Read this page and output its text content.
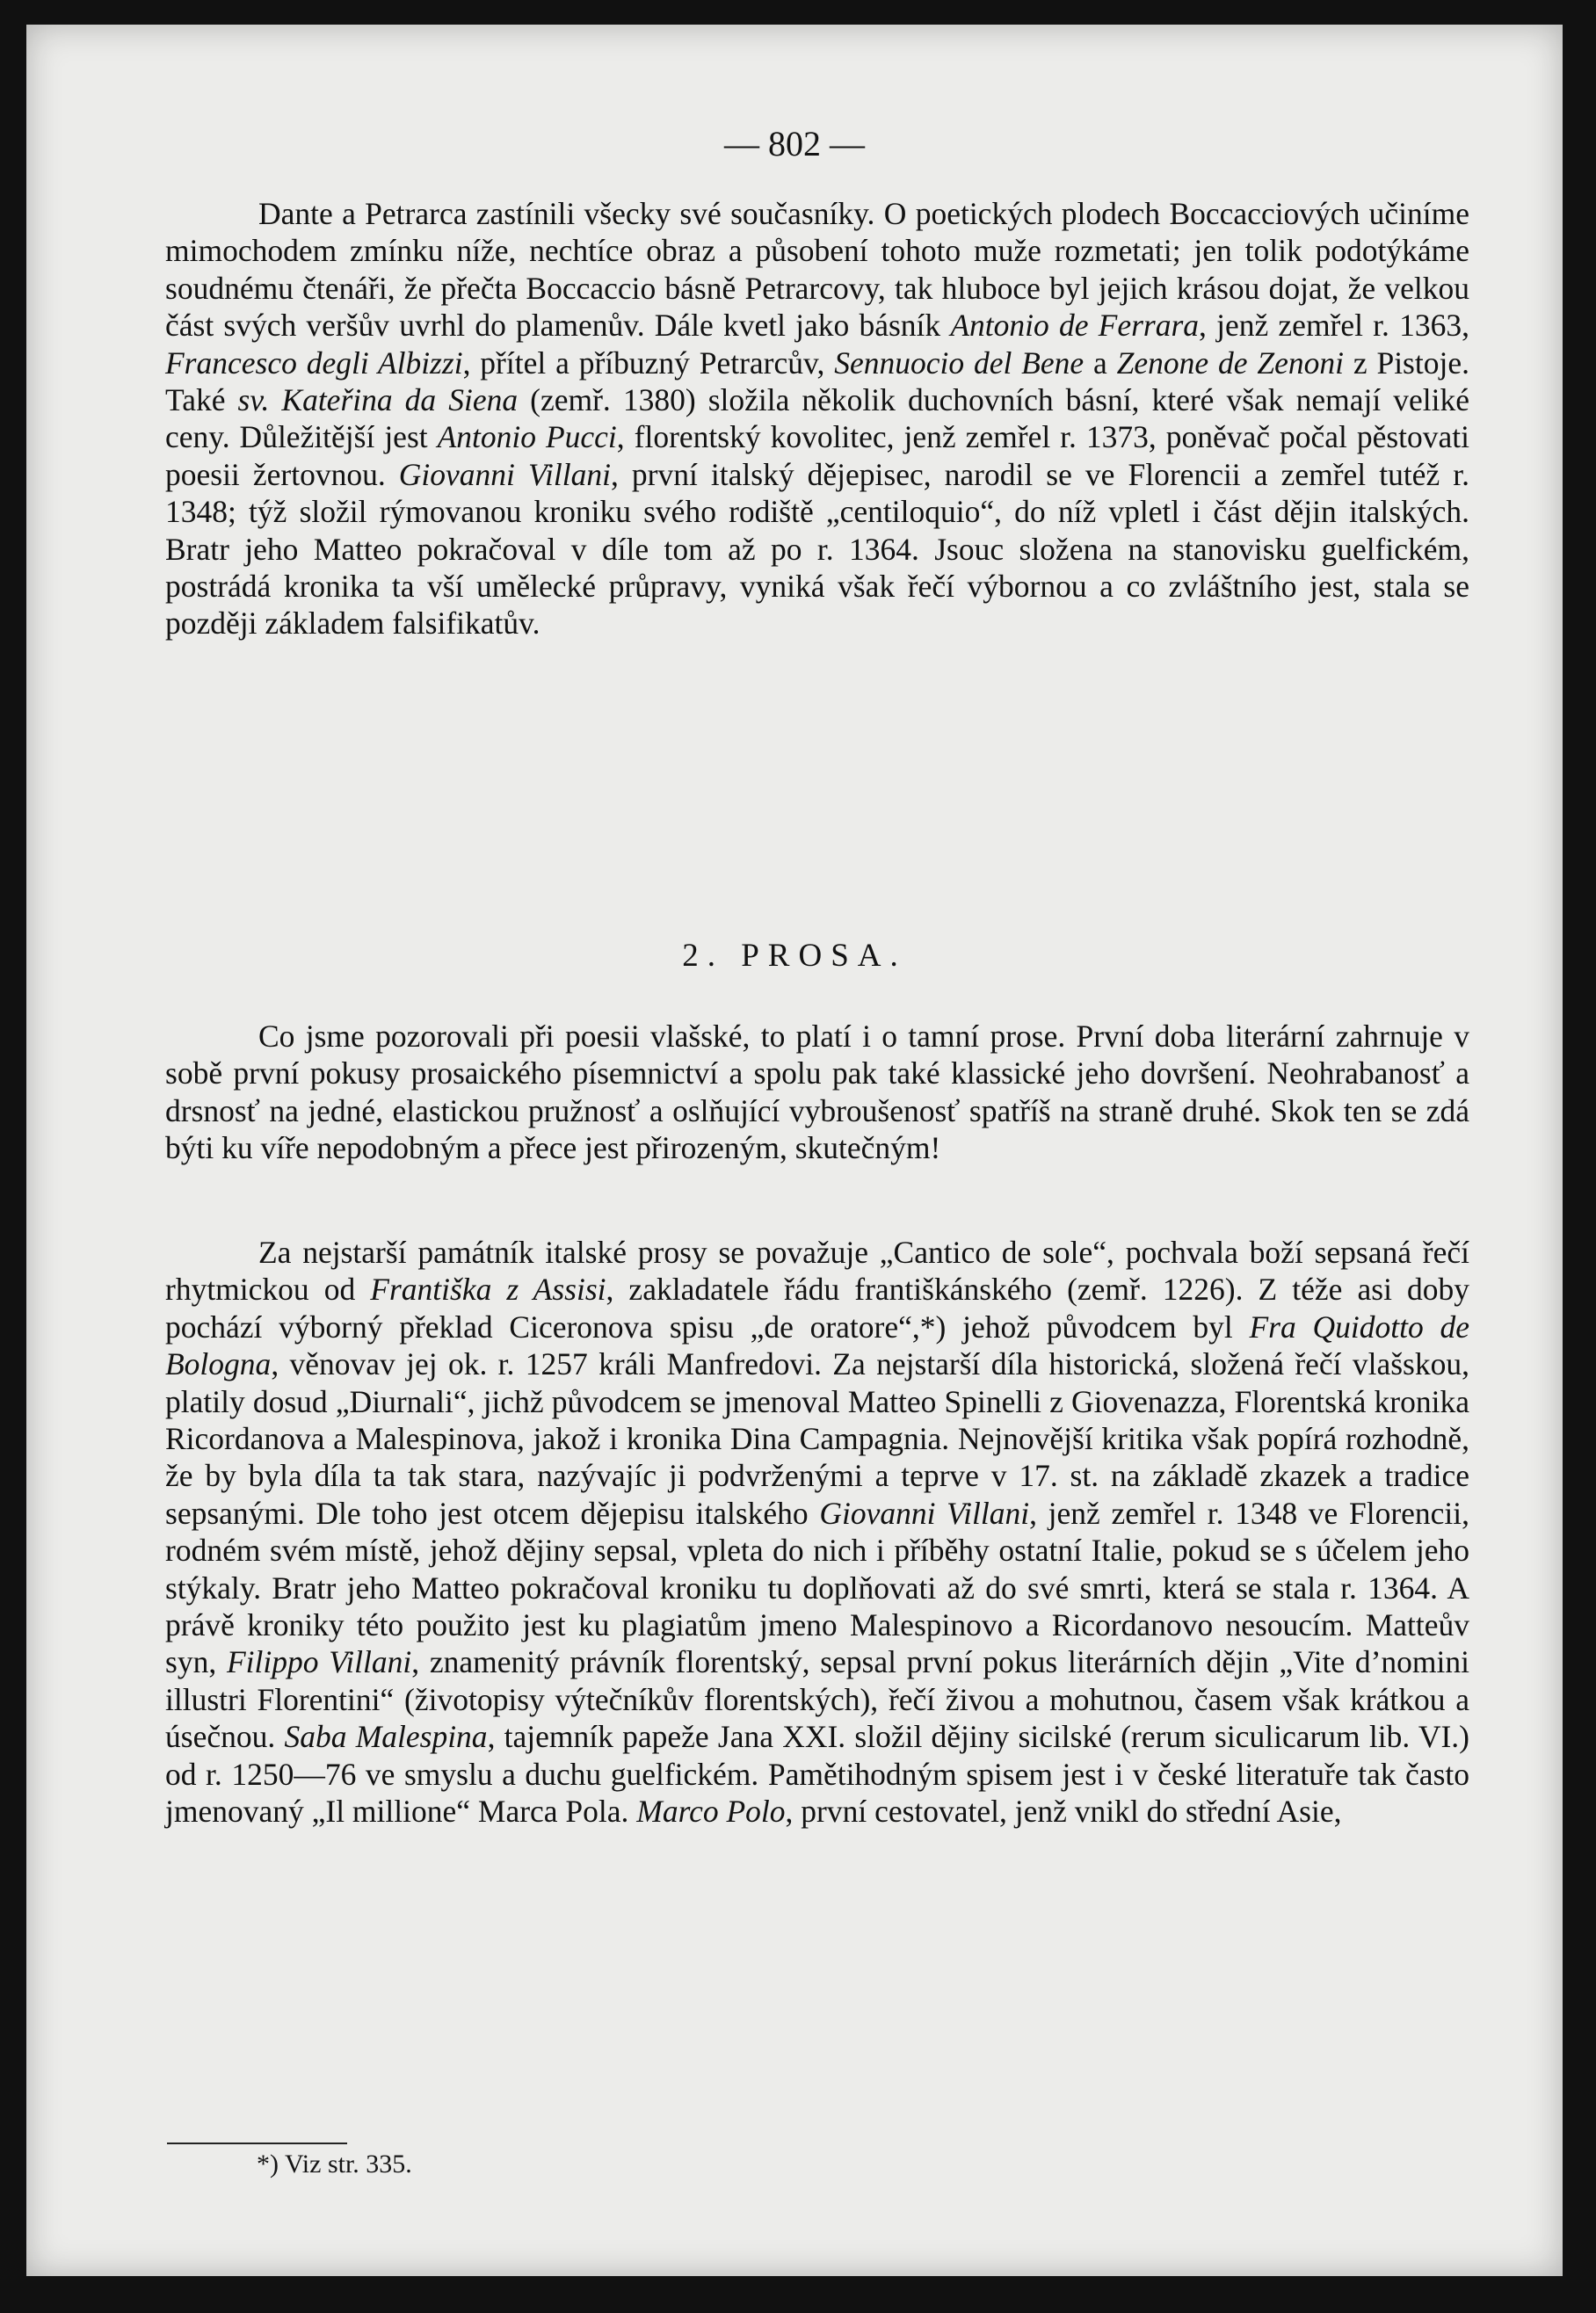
— 802 —

Dante a Petrarca zastínili všecky své současníky. O poetických plodech Boccacciových učiníme mimochodem zmínku níže, nechtíce obraz a působení tohoto muže rozmetati; jen tolik podotýkáme soudnému čtenáři, že přečta Boccaccio básně Petrarcovy, tak hluboce byl jejich krásou dojat, že velkou část svých veršův uvrhl do plamenův. Dále kvetl jako básník Antonio de Ferrara, jenž zemřel r. 1363, Francesco degli Albizzi, přítel a příbuzný Petrarcův, Sennuocio del Bene a Zenone de Zenoni z Pistoje. Také sv. Kateřina da Siena (zemř. 1380) složila několik duchovních básní, které však nemají veliké ceny. Důležitější jest Antonio Pucci, florentský kovolitec, jenž zemřel r. 1373, poněvač počal pěstovati poesii žertovnou. Giovanni Villani, první italský dějepisec, narodil se ve Florencii a zemřel tutéž r. 1348; týž složil rýmovanou kroniku svého rodiště „centiloquio“, do níž vpletl i část dějin italských. Bratr jeho Matteo pokračoval v díle tom až po r. 1364. Jsouc složena na stanovisku guelfickém, postrádá kronika ta vší umělecké průpravy, vyniká však řečí výbornou a co zvláštního jest, stala se později základem falsifikatův.

2. PROSA.

Co jsme pozorovali při poesii vlašské, to platí i o tamní prose. První doba literární zahrnuje v sobě první pokusy prosaického písemnictví a spolu pak také klassické jeho dovršení. Neohrabanosť a drsnosť na jedné, elastickou pružnosť a oslňující vybroušenosť spatříš na straně druhé. Skok ten se zdá býti ku víře nepodobným a přece jest přirozeným, skutečným!

Za nejstarší památník italské prosy se považuje „Cantico de sole“, pochvala boží sepsaná řečí rhytmickou od Františka z Assisi, zakladatele řádu františkánského (zemř. 1226). Z téže asi doby pochází výborný překlad Ciceronova spisu „de oratore“,*) jehož původcem byl Fra Quidotto de Bologna, věnovav jej ok. r. 1257 králi Manfredovi. Za nejstarší díla historická, složená řečí vlašskou, platily dosud „Diurnali“, jichž původcem se jmenoval Matteo Spinelli z Giovenazza, Florentská kronika Ricordanova a Malespinova, jakož i kronika Dina Campagnia. Nejnovější kritika však popírá rozhodně, že by byla díla ta tak stara, nazývajíc ji podvrženými a teprve v 17. st. na základě zkazek a tradice sepsanými. Dle toho jest otcem dějepisu italského Giovanni Villani, jenž zemřel r. 1348 ve Florencii, rodném svém místě, jehož dějiny sepsal, vpleta do nich i příběhy ostatní Italie, pokud se s účelem jeho stýkaly. Bratr jeho Matteo pokračoval kroniku tu doplňovati až do své smrti, která se stala r. 1364. A právě kroniky této použito jest ku plagiatům jmeno Malespinovo a Ricordanovo nesoucím. Matteův syn, Filippo Villani, znamenitý právník florentský, sepsal první pokus literárních dějin „Vite d’nomini illustri Florentini“ (životopisy výtečníkův florentských), řečí živou a mohutnou, časem však krátkou a úsečnou. Saba Malespina, tajemník papeže Jana XXI. složil dějiny sicilské (rerum siculicarum lib. VI.) od r. 1250—76 ve smyslu a duchu guelfickém. Pamětihodným spisem jest i v české literatuře tak často jmenovaný „Il millione“ Marca Pola. Marco Polo, první cestovatel, jenž vnikl do střední Asie,

*) Viz str. 335.
